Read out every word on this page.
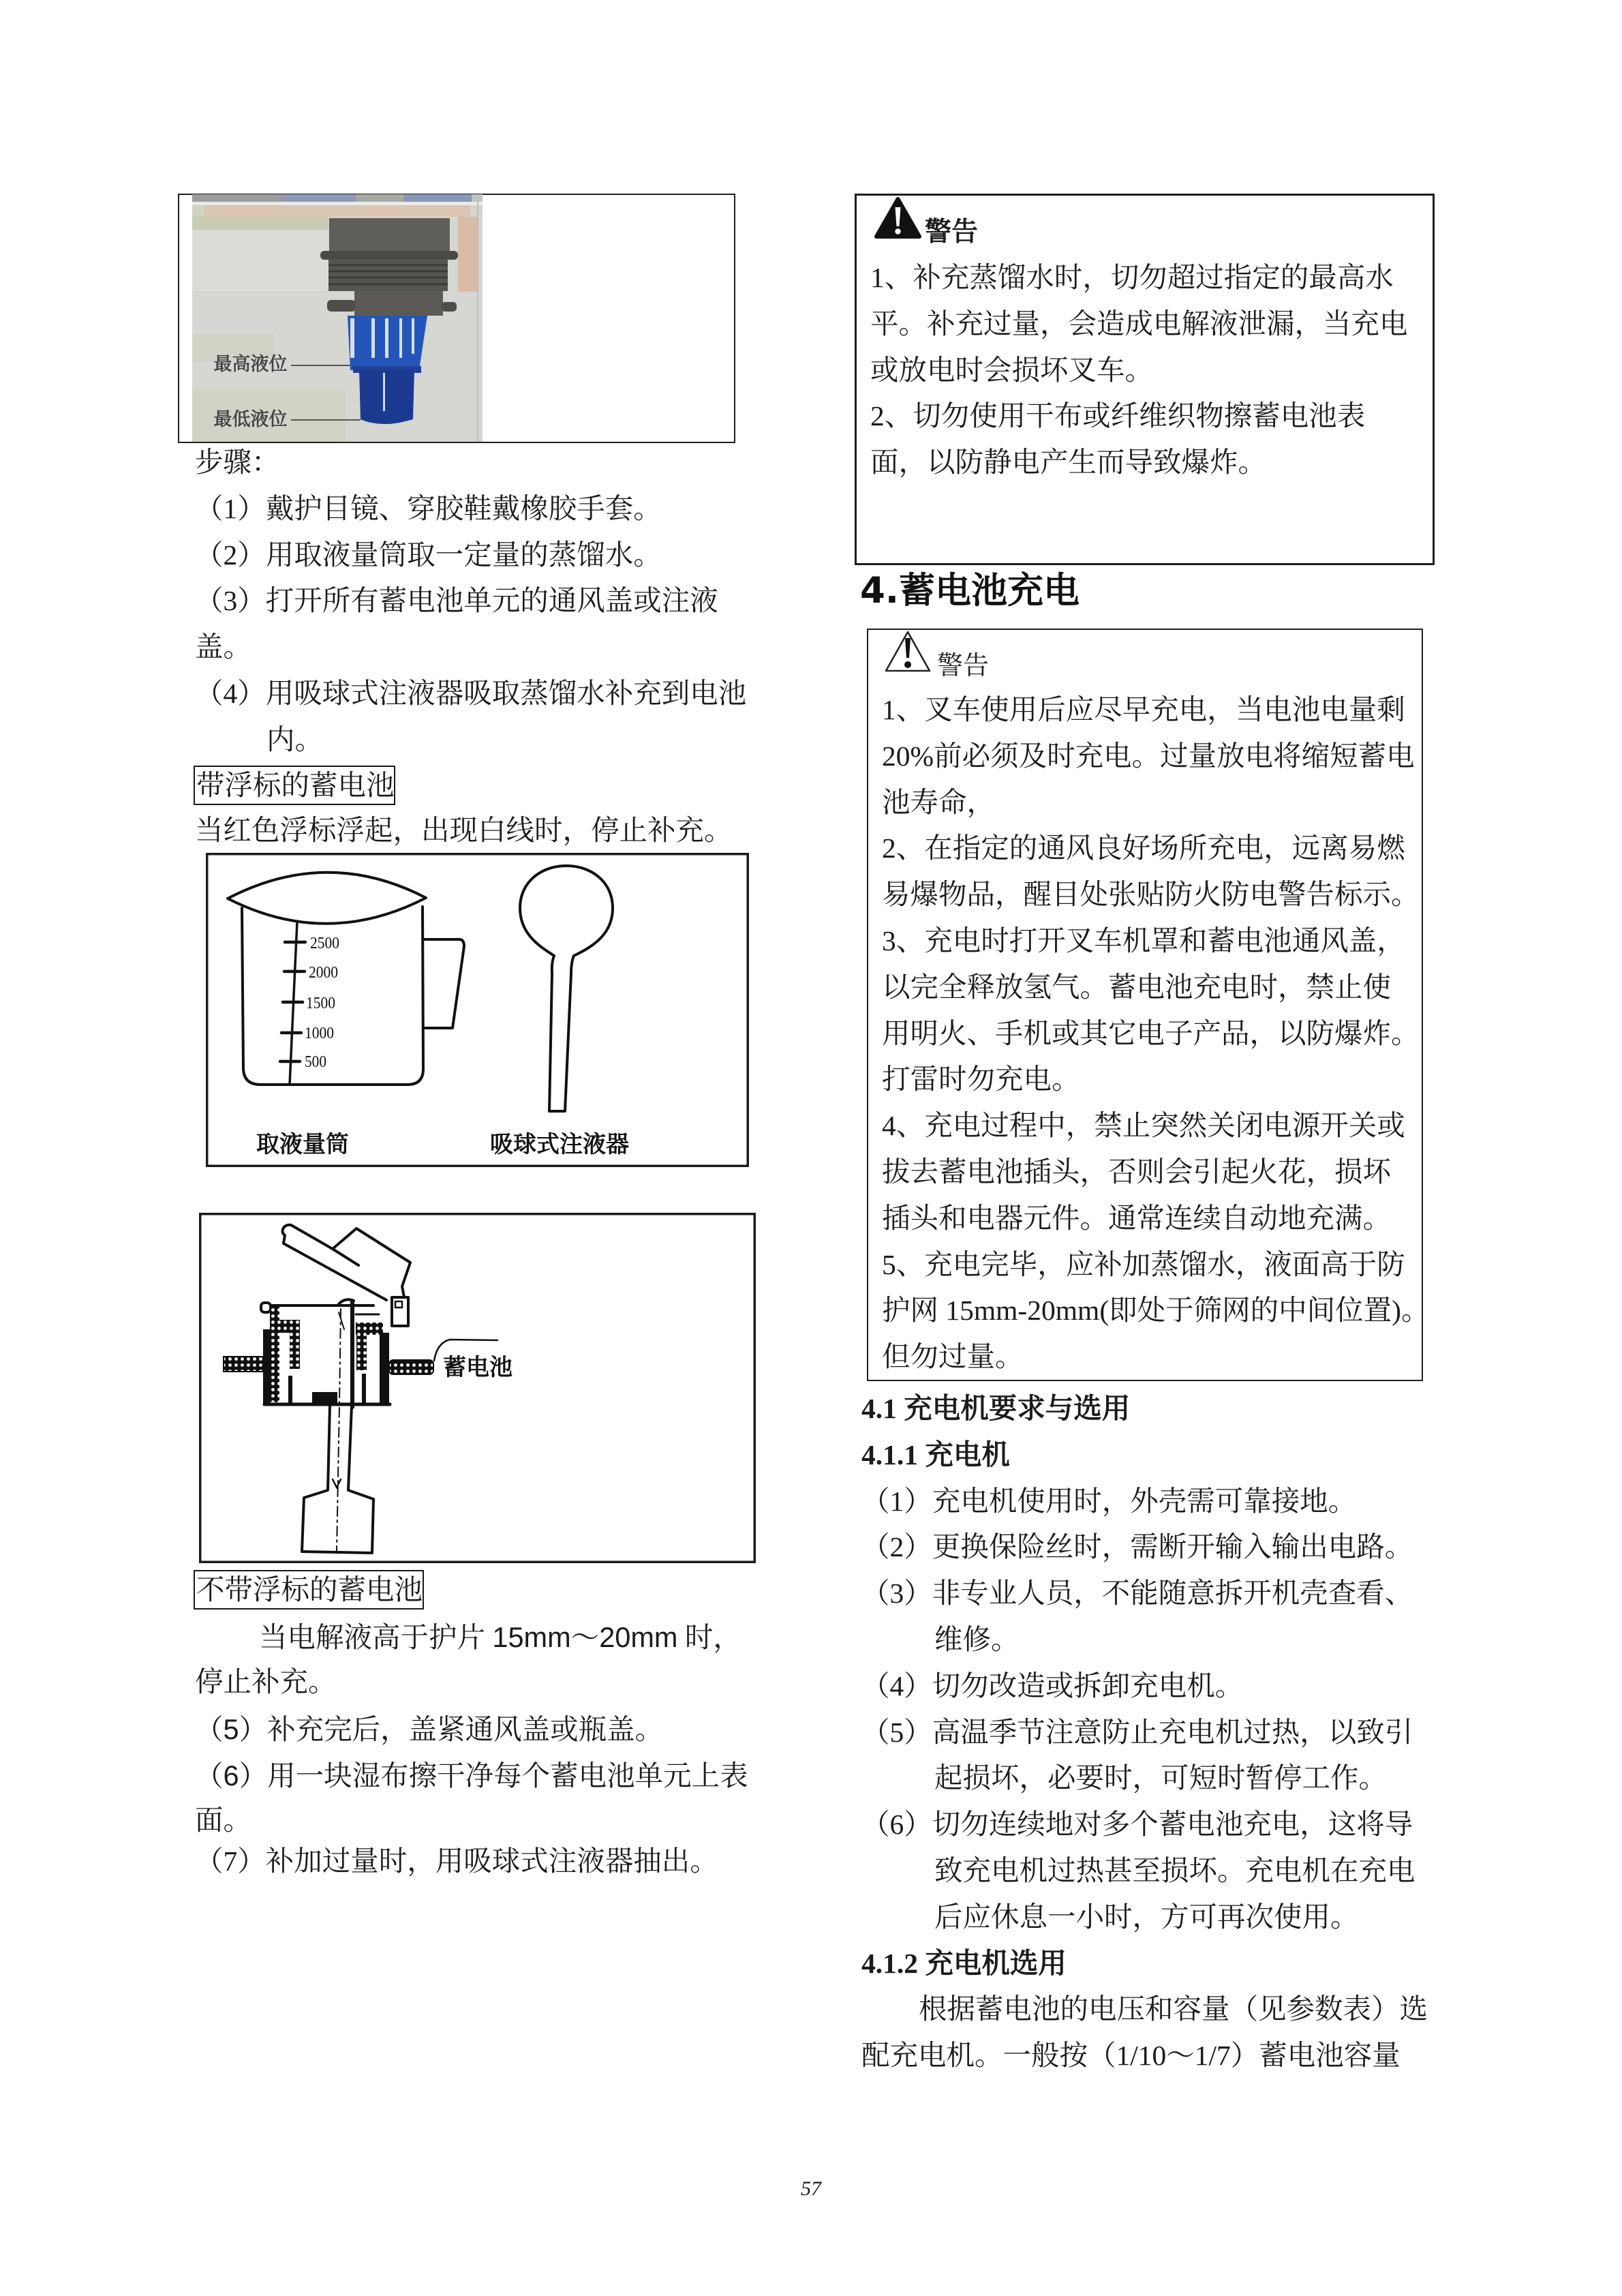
最高液位
最低液位
步骤：
（1）戴护目镜、穿胶鞋戴橡胶手套。
（2）用取液量筒取一定量的蒸馏水。
（3）打开所有蓄电池单元的通风盖或注液
盖。
（4）用吸球式注液器吸取蒸馏水补充到电池
内。
带浮标的蓄电池
当红色浮标浮起，出现白线时，停止补充。
2500
2000
1500
1000
500
取液量筒	吸球式注液器
蓄电池
不带浮标的蓄电池
当电解液高于护片 15mm～20mm 时，
停止补充。
（5）补充完后，盖紧通风盖或瓶盖。
（6）用一块湿布擦干净每个蓄电池单元上表
面。
（7）补加过量时，用吸球式注液器抽出。
警告
1、补充蒸馏水时，切勿超过指定的最高水
平。补充过量，会造成电解液泄漏，当充电
或放电时会损坏叉车。
2、切勿使用干布或纤维织物擦蓄电池表
面，以防静电产生而导致爆炸。
4.蓄电池充电
警告
1、叉车使用后应尽早充电，当电池电量剩
20%前必须及时充电。过量放电将缩短蓄电
池寿命，
2、在指定的通风良好场所充电，远离易燃
易爆物品，醒目处张贴防火防电警告标示。
3、充电时打开叉车机罩和蓄电池通风盖，
以完全释放氢气。蓄电池充电时，禁止使
用明火、手机或其它电子产品，以防爆炸。
打雷时勿充电。
4、充电过程中，禁止突然关闭电源开关或
拔去蓄电池插头，否则会引起火花，损坏
插头和电器元件。通常连续自动地充满。
5、充电完毕，应补加蒸馏水，液面高于防
护网 15mm-20mm(即处于筛网的中间位置)。
但勿过量。
4.1 充电机要求与选用
4.1.1 充电机
（1）充电机使用时，外壳需可靠接地。
（2）更换保险丝时，需断开输入输出电路。
（3）非专业人员，不能随意拆开机壳查看、
维修。
（4）切勿改造或拆卸充电机。
（5）高温季节注意防止充电机过热，以致引
起损坏，必要时，可短时暂停工作。
（6）切勿连续地对多个蓄电池充电，这将导
致充电机过热甚至损坏。充电机在充电
后应休息一小时，方可再次使用。
4.1.2 充电机选用
根据蓄电池的电压和容量（见参数表）选
配充电机。一般按（1/10～1/7）蓄电池容量
57
